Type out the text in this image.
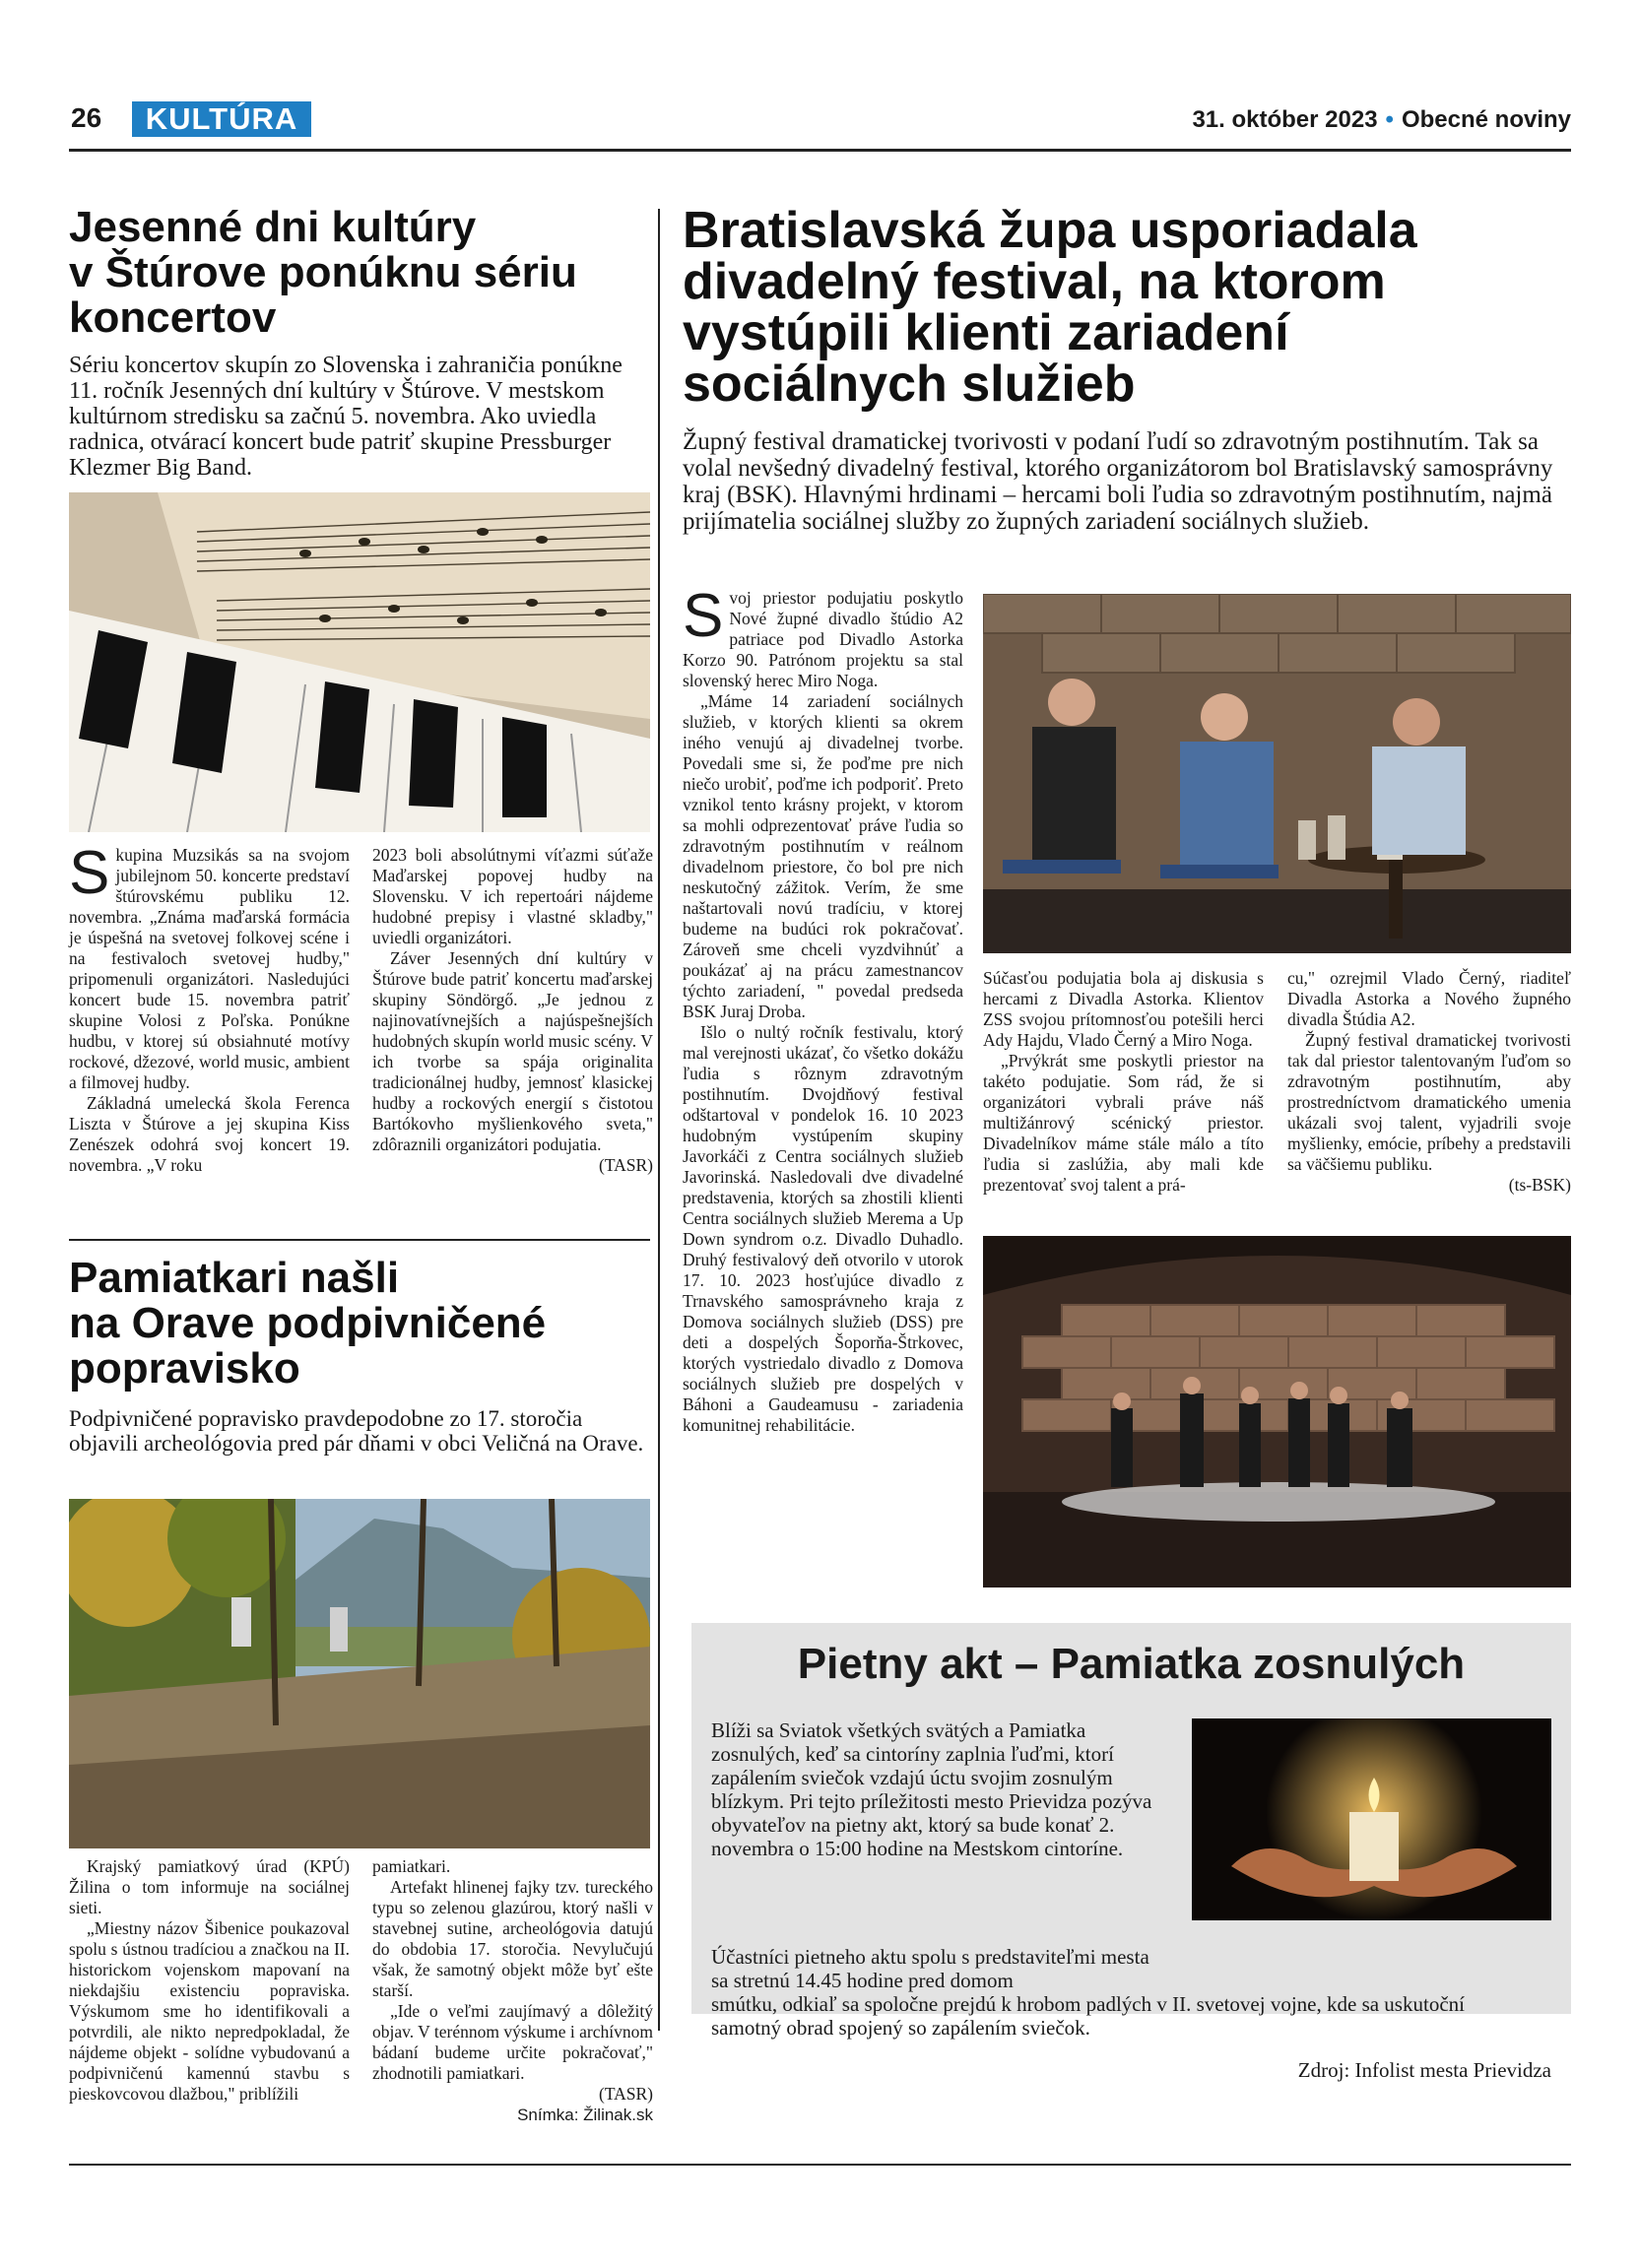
26	KULTÚRA	31. október 2023 • Obecné noviny
Jesenné dni kultúry
v Štúrove ponúknu sériu
koncertov
Sériu koncertov skupín zo Slovenska i zahraničia ponúkne 11. ročník Jesenných dní kultúry v Štúrove. V mestskom kultúrnom stredisku sa začnú 5. novembra. Ako uviedla radnica, otvárací koncert bude patriť skupine Pressburger Klezmer Big Band.

Skupina Muzsikás sa na svojom jubilejnom 50. koncerte predstaví štúrovskému publiku 12. novembra. „Známa maďarská formácia je úspešná na svetovej folkovej scéne i na festivaloch svetovej hudby," pripomenuli organizátori. Nasledujúci koncert bude 15. novembra patriť skupine Volosi z Poľska. Ponúkne hudbu, v ktorej sú obsiahnuté motívy rockové, džezové, world music, ambient a filmovej hudby.

Základná umelecká škola Ferenca Liszta v Štúrove a jej skupina Kiss Zenészek odohrá svoj koncert 19. novembra. „V roku

2023 boli absolútnymi víťazmi súťaže Maďarskej popovej hudby na Slovensku. V ich repertoári nájdeme hudobné prepisy i vlastné skladby," uviedli organizátori.

Záver Jesenných dní kultúry v Štúrove bude patriť koncertu maďarskej skupiny Söndörgő. „Je jednou z najinovatívnejších a najúspešnejších hudobných skupín world music scény. V ich tvorbe sa spája originalita tradicionálnej hudby, jemnosť klasickej hudby a rockových energií s čistotou Bartókovho myšlienkového sveta," zdôraznili organizátori podujatia.

(TASR)
Pamiatkari našli
na Orave podpivničené
popravisko
Podpivničené popravisko pravdepodobne zo 17. storočia objavili archeológovia pred pár dňami v obci Veličná na Orave.

Krajský pamiatkový úrad (KPÚ) Žilina o tom informuje na sociálnej sieti.

„Miestny názov Šibenice poukazoval spolu s ústnou tradíciou a značkou na II. historickom vojenskom mapovaní na niekdajšiu existenciu popraviska. Výskumom sme ho identifikovali a potvrdili, ale nikto nepredpokladal, že nájdeme objekt - solídne vybudovanú a podpivničenú kamennú stavbu s pieskovcovou dlažbou," priblížili

pamiatkari.

Artefakt hlinenej fajky tzv. tureckého typu so zelenou glazúrou, ktorý našli v stavebnej sutine, archeológovia datujú do obdobia 17. storočia. Nevylučujú však, že samotný objekt môže byť ešte starší.

„Ide o veľmi zaujímavý a dôležitý objav. V terénnom výskume i archívnom bádaní budeme určite pokračovať," zhodnotili pamiatkari.

(TASR)
Snímka: Žilinak.sk
Bratislavská župa usporiadala
divadelný festival, na ktorom
vystúpili klienti zariadení
sociálnych služieb
Župný festival dramatickej tvorivosti v podaní ľudí so zdravotným postihnutím. Tak sa volal nevšedný divadelný festival, ktorého organizátorom bol Bratislavský samosprávny kraj (BSK). Hlavnými hrdinami – hercami boli ľudia so zdravotným postihnutím, najmä prijímatelia sociálnej služby zo župných zariadení sociálnych služieb.

Svoj priestor podujatiu poskytlo Nové župné divadlo štúdio A2 patriace pod Divadlo Astorka Korzo 90. Patrónom projektu sa stal slovenský herec Miro Noga.

„Máme 14 zariadení sociálnych služieb, v ktorých klienti sa okrem iného venujú aj divadelnej tvorbe. Povedali sme si, že poďme pre nich niečo urobiť, poďme ich podporiť. Preto vznikol tento krásny projekt, v ktorom sa mohli odprezentovať práve ľudia so zdravotným postihnutím v reálnom divadelnom priestore, čo bol pre nich neskutočný zážitok. Verím, že sme naštartovali novú tradíciu, v ktorej budeme na budúci rok pokračovať. Zároveň sme chceli vyzdvihnúť a poukázať aj na prácu zamestnancov týchto zariadení, " povedal predseda BSK Juraj Droba.

Išlo o nultý ročník festivalu, ktorý mal verejnosti ukázať, čo všetko dokážu ľudia s rôznym zdravotným postihnutím. Dvojdňový festival odštartoval v pondelok 16. 10 2023 hudobným vystúpením skupiny Javorkáči z Centra sociálnych služieb Javorinská. Nasledovali dve divadelné predstavenia, ktorých sa zhostili klienti Centra sociálnych služieb Merema a Up Down syndrom o.z. Divadlo Duhadlo. Druhý festivalový deň otvorilo v utorok 17. 10. 2023 hosťujúce divadlo z Trnavského samosprávneho kraja z Domova sociálnych služieb (DSS) pre deti a dospelých Šoporňa-Štrkovec, ktorých vystriedalo divadlo z Domova sociálnych služieb pre dospelých v Báhoni a Gaudeamusu - zariadenia komunitnej rehabilitácie.

Súčasťou podujatia bola aj diskusia s hercami z Divadla Astorka. Klientov ZSS svojou prítomnosťou potešili herci Ady Hajdu, Vlado Černý a Miro Noga.

„Prvýkrát sme poskytli priestor na takéto podujatie. Som rád, že si organizátori vybrali práve náš multižánrový scénický priestor. Divadelníkov máme stále málo a títo ľudia si zaslúžia, aby mali kde prezentovať svoj talent a prá-

cu," ozrejmil Vlado Černý, riaditeľ Divadla Astorka a Nového župného divadla Štúdia A2.

Župný festival dramatickej tvorivosti tak dal priestor talentovaným ľuďom so zdravotným postihnutím, aby prostredníctvom dramatického umenia ukázali svoj talent, vyjadrili svoje myšlienky, emócie, príbehy a predstavili sa väčšiemu publiku.

(ts-BSK)
Pietny akt – Pamiatka zosnulých
Blíži sa Sviatok všetkých svätých a Pamiatka zosnulých, keď sa cintoríny zaplnia ľuďmi, ktorí zapálením sviečok vzdajú úctu svojim zosnulým blízkym. Pri tejto príležitosti mesto Prievidza pozýva obyvateľov na pietny akt, ktorý sa bude konať 2. novembra o 15:00 hodine na Mestskom cintoríne.
Účastníci pietneho aktu spolu s predstaviteľmi mesta sa stretnú 14.45 hodine pred domom
smútku, odkiaľ sa spoločne prejdú k hrobom padlých v II. svetovej vojne, kde sa uskutoční samotný obrad spojený so zapálením sviečok.
Zdroj: Infolist mesta Prievidza
